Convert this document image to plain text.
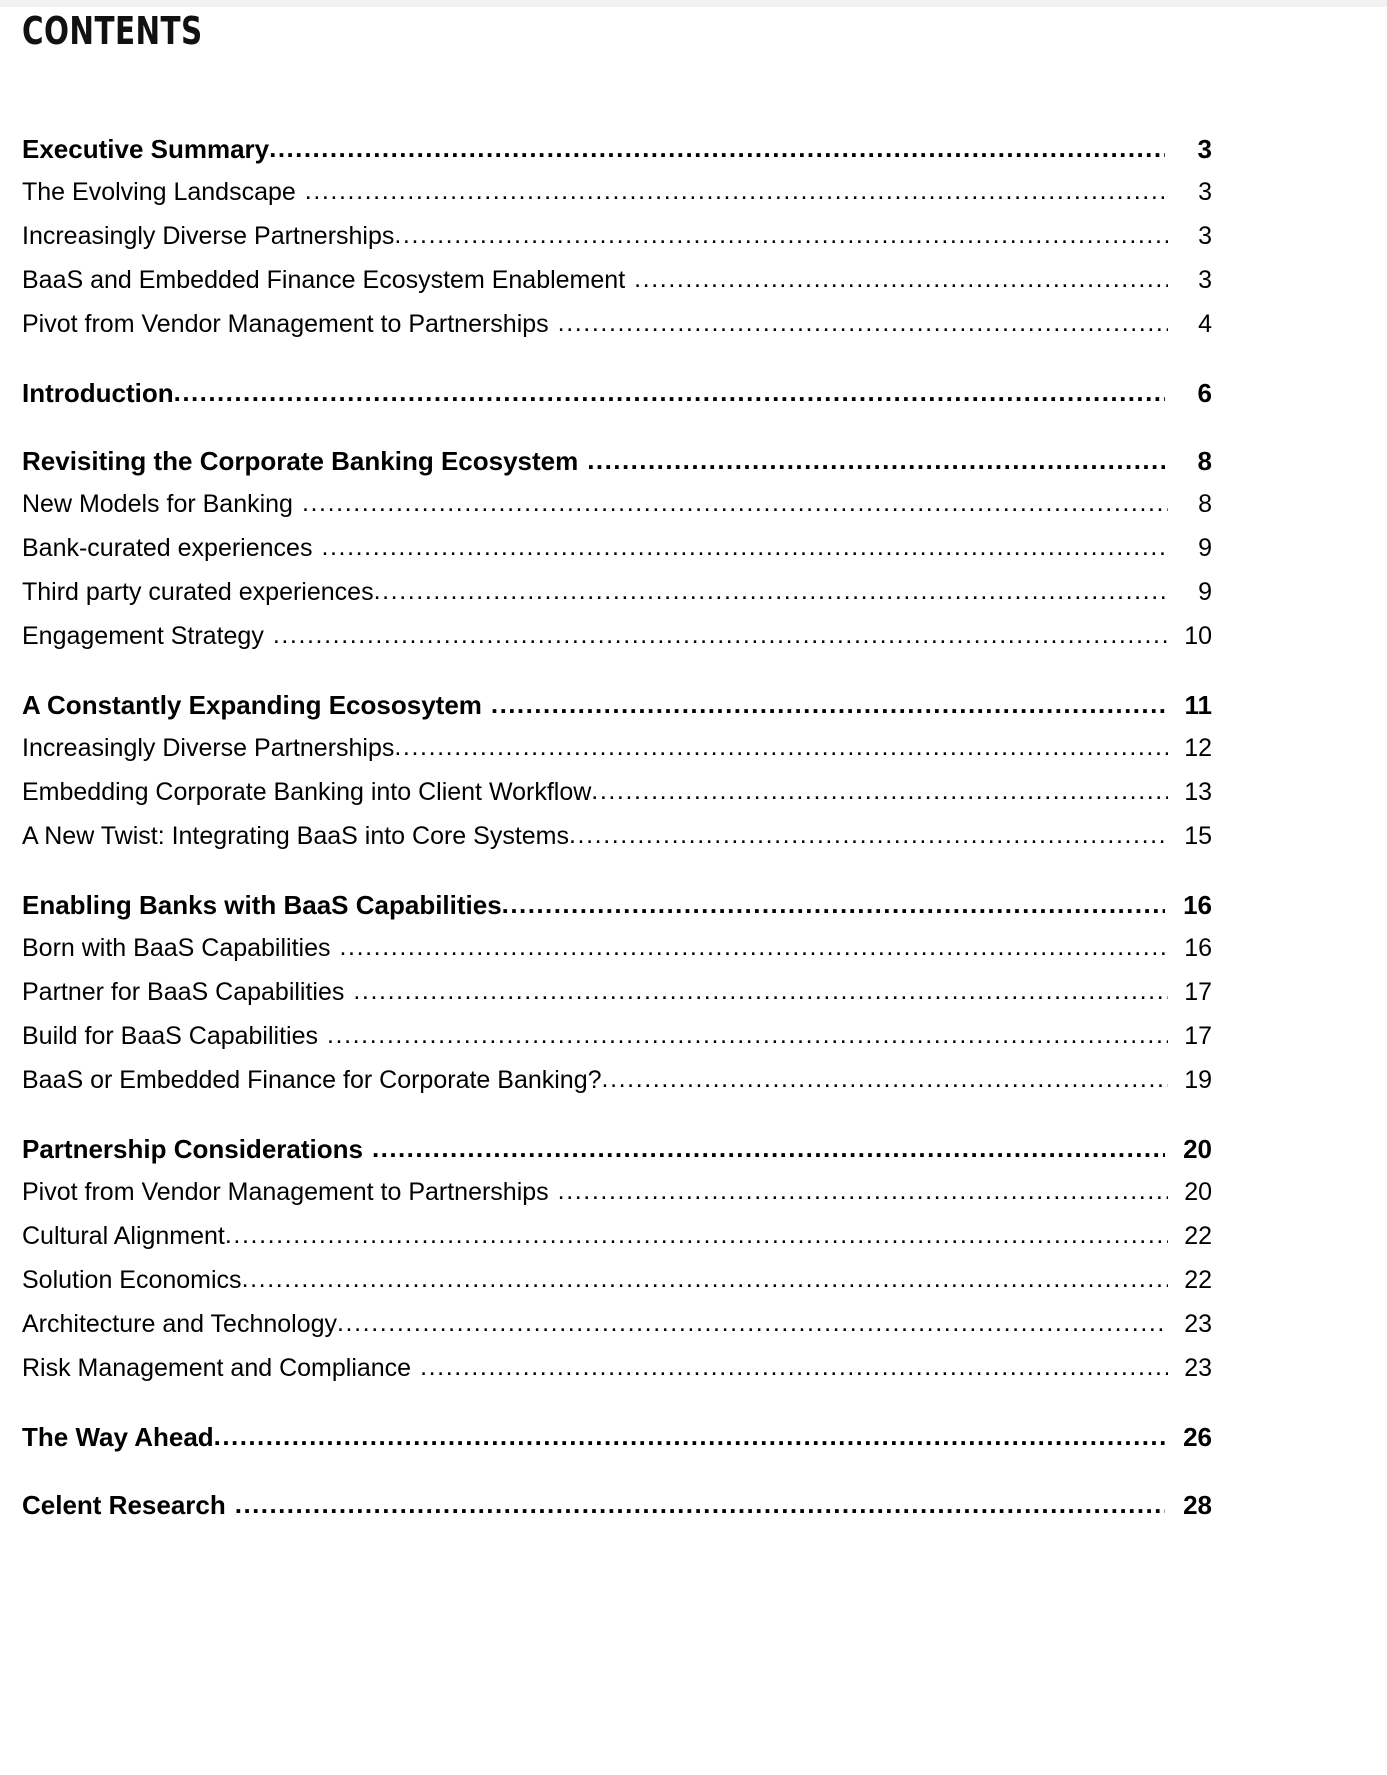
CONTENTS
Executive Summary .....	3
The Evolving Landscape .....	3
Increasingly Diverse Partnerships .....	3
BaaS and Embedded Finance Ecosystem Enablement .....	3
Pivot from Vendor Management to Partnerships .....	4
Introduction .....	6
Revisiting the Corporate Banking Ecosystem .....	8
New Models for Banking .....	8
Bank-curated experiences .....	9
Third party curated experiences .....	9
Engagement Strategy .....	10
A Constantly Expanding Ecososytem .....	11
Increasingly Diverse Partnerships .....	12
Embedding Corporate Banking into Client Workflow .....	13
A New Twist: Integrating BaaS into Core Systems .....	15
Enabling Banks with BaaS Capabilities .....	16
Born with BaaS Capabilities .....	16
Partner for BaaS Capabilities .....	17
Build for BaaS Capabilities .....	17
BaaS or Embedded Finance for Corporate Banking? .....	19
Partnership Considerations .....	20
Pivot from Vendor Management to Partnerships .....	20
Cultural Alignment .....	22
Solution Economics .....	22
Architecture and Technology .....	23
Risk Management and Compliance .....	23
The Way Ahead .....	26
Celent Research .....	28
